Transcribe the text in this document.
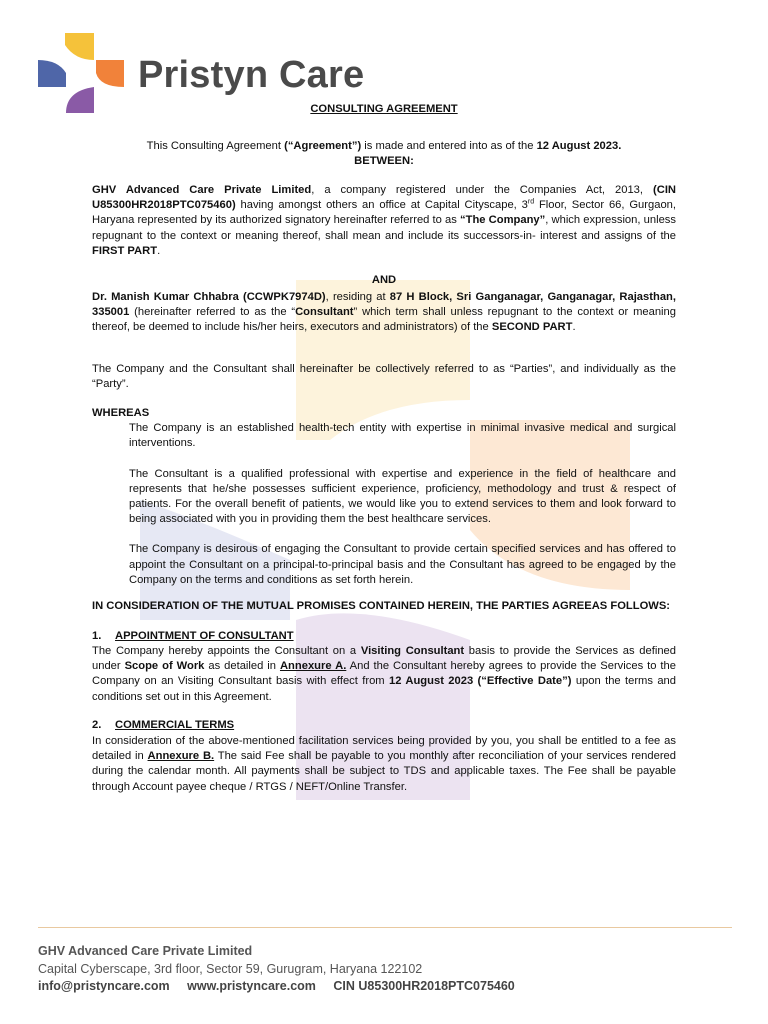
Pristyn Care
CONSULTING AGREEMENT

This Consulting Agreement (“Agreement”) is made and entered into as of the 12 August 2023.

BETWEEN:

GHV Advanced Care Private Limited, a company registered under the Companies Act, 2013, (CIN U85300HR2018PTC075460) having amongst others an office at Capital Cityscape, 3rd Floor, Sector 66, Gurgaon, Haryana represented by its authorized signatory hereinafter referred to as “The Company”, which expression, unless repugnant to the context or meaning thereof, shall mean and include its successors-in- interest and assigns of the FIRST PART.

AND

Dr. Manish Kumar Chhabra (CCWPK7974D), residing at 87 H Block, Sri Ganganagar, Ganganagar, Rajasthan, 335001 (hereinafter referred to as the “Consultant” which term shall unless repugnant to the context or meaning thereof, be deemed to include his/her heirs, executors and administrators) of the SECOND PART.

The Company and the Consultant shall hereinafter be collectively referred to as “Parties”, and individually as the “Party”.

WHEREAS

The Company is an established health-tech entity with expertise in minimal invasive medical and surgical interventions.

The Consultant is a qualified professional with expertise and experience in the field of healthcare and represents that he/she possesses sufficient experience, proficiency, methodology and trust & respect of patients. For the overall benefit of patients, we would like you to extend services to them and look forward to being associated with you in providing them the best healthcare services.

The Company is desirous of engaging the Consultant to provide certain specified services and has offered to appoint the Consultant on a principal-to-principal basis and the Consultant has agreed to be engaged by the Company on the terms and conditions as set forth herein.

IN CONSIDERATION OF THE MUTUAL PROMISES CONTAINED HEREIN, THE PARTIES AGREEAS FOLLOWS:

1. APPOINTMENT OF CONSULTANT

The Company hereby appoints the Consultant on a Visiting Consultant basis to provide the Services as defined under Scope of Work as detailed in Annexure A. And the Consultant hereby agrees to provide the Services to the Company on an Visiting Consultant basis with effect from 12 August 2023 (“Effective Date”) upon the terms and conditions set out in this Agreement.

2. COMMERCIAL TERMS

In consideration of the above-mentioned facilitation services being provided by you, you shall be entitled to a fee as detailed in Annexure B. The said Fee shall be payable to you monthly after reconciliation of your services rendered during the calendar month. All payments shall be subject to TDS and applicable taxes. The Fee shall be payable through Account payee cheque / RTGS / NEFT/Online Transfer.

GHV Advanced Care Private Limited
Capital Cyberscape, 3rd floor, Sector 59, Gurugram, Haryana 122102
info@pristyncare.com www.pristyncare.com CIN U85300HR2018PTC075460
